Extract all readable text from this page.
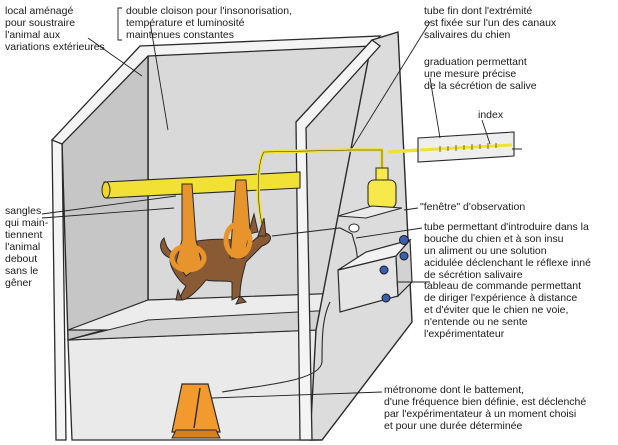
local aménagé
pour soustraire
l'animal aux
variations extérieures
double cloison pour l'insonorisation,
température et luminosité
maintenues constantes
tube fin dont l'extrémité
est fixée sur l'un des canaux
salivaires du chien
graduation permettant
une mesure précise
de la sécrétion de salive
index
sangles
qui main-
tiennent
l'animal
debout
sans le
gêner
"fenêtre" d'observation
tube permettant d'introduire dans la
bouche du chien et à son insu
un aliment ou une solution
acidulée déclenchant le réflexe inné
de sécrétion salivaire
tableau de commande permettant
de diriger l'expérience à distance
et d'éviter que le chien ne voie,
n'entende ou ne sente
l'expérimentateur
métronome dont le battement,
d'une fréquence bien définie, est déclenché
par l'expérimentateur à un moment choisi
et pour une durée déterminée
